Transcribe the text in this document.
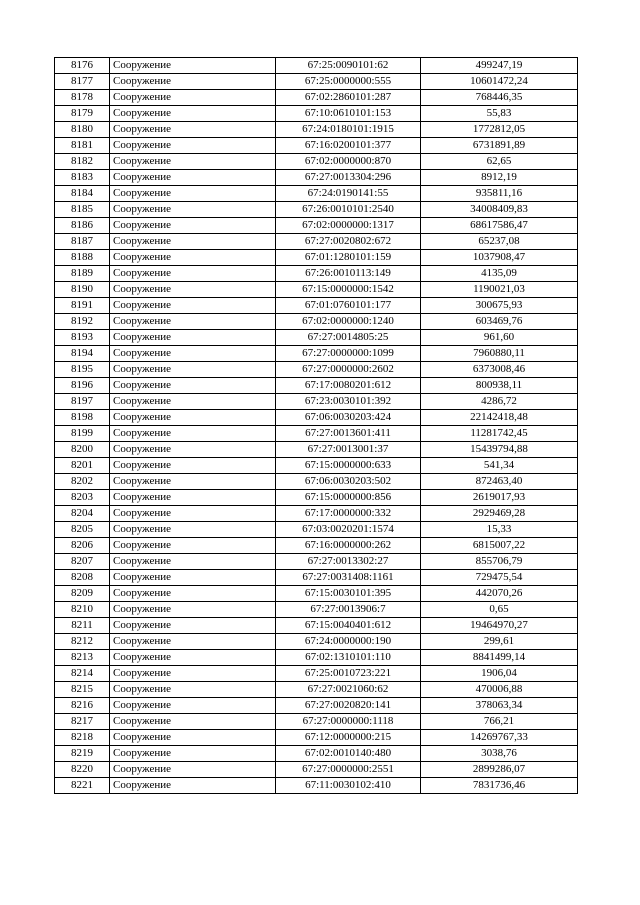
8176	Сооружение	67:25:0090101:62	499247,19
8177	Сооружение	67:25:0000000:555	10601472,24
8178	Сооружение	67:02:2860101:287	768446,35
8179	Сооружение	67:10:0610101:153	55,83
8180	Сооружение	67:24:0180101:1915	1772812,05
8181	Сооружение	67:16:0200101:377	6731891,89
8182	Сооружение	67:02:0000000:870	62,65
8183	Сооружение	67:27:0013304:296	8912,19
8184	Сооружение	67:24:0190141:55	935811,16
8185	Сооружение	67:26:0010101:2540	34008409,83
8186	Сооружение	67:02:0000000:1317	68617586,47
8187	Сооружение	67:27:0020802:672	65237,08
8188	Сооружение	67:01:1280101:159	1037908,47
8189	Сооружение	67:26:0010113:149	4135,09
8190	Сооружение	67:15:0000000:1542	1190021,03
8191	Сооружение	67:01:0760101:177	300675,93
8192	Сооружение	67:02:0000000:1240	603469,76
8193	Сооружение	67:27:0014805:25	961,60
8194	Сооружение	67:27:0000000:1099	7960880,11
8195	Сооружение	67:27:0000000:2602	6373008,46
8196	Сооружение	67:17:0080201:612	800938,11
8197	Сооружение	67:23:0030101:392	4286,72
8198	Сооружение	67:06:0030203:424	22142418,48
8199	Сооружение	67:27:0013601:411	11281742,45
8200	Сооружение	67:27:0013001:37	15439794,88
8201	Сооружение	67:15:0000000:633	541,34
8202	Сооружение	67:06:0030203:502	872463,40
8203	Сооружение	67:15:0000000:856	2619017,93
8204	Сооружение	67:17:0000000:332	2929469,28
8205	Сооружение	67:03:0020201:1574	15,33
8206	Сооружение	67:16:0000000:262	6815007,22
8207	Сооружение	67:27:0013302:27	855706,79
8208	Сооружение	67:27:0031408:1161	729475,54
8209	Сооружение	67:15:0030101:395	442070,26
8210	Сооружение	67:27:0013906:7	0,65
8211	Сооружение	67:15:0040401:612	19464970,27
8212	Сооружение	67:24:0000000:190	299,61
8213	Сооружение	67:02:1310101:110	8841499,14
8214	Сооружение	67:25:0010723:221	1906,04
8215	Сооружение	67:27:0021060:62	470006,88
8216	Сооружение	67:27:0020820:141	378063,34
8217	Сооружение	67:27:0000000:1118	766,21
8218	Сооружение	67:12:0000000:215	14269767,33
8219	Сооружение	67:02:0010140:480	3038,76
8220	Сооружение	67:27:0000000:2551	2899286,07
8221	Сооружение	67:11:0030102:410	7831736,46
